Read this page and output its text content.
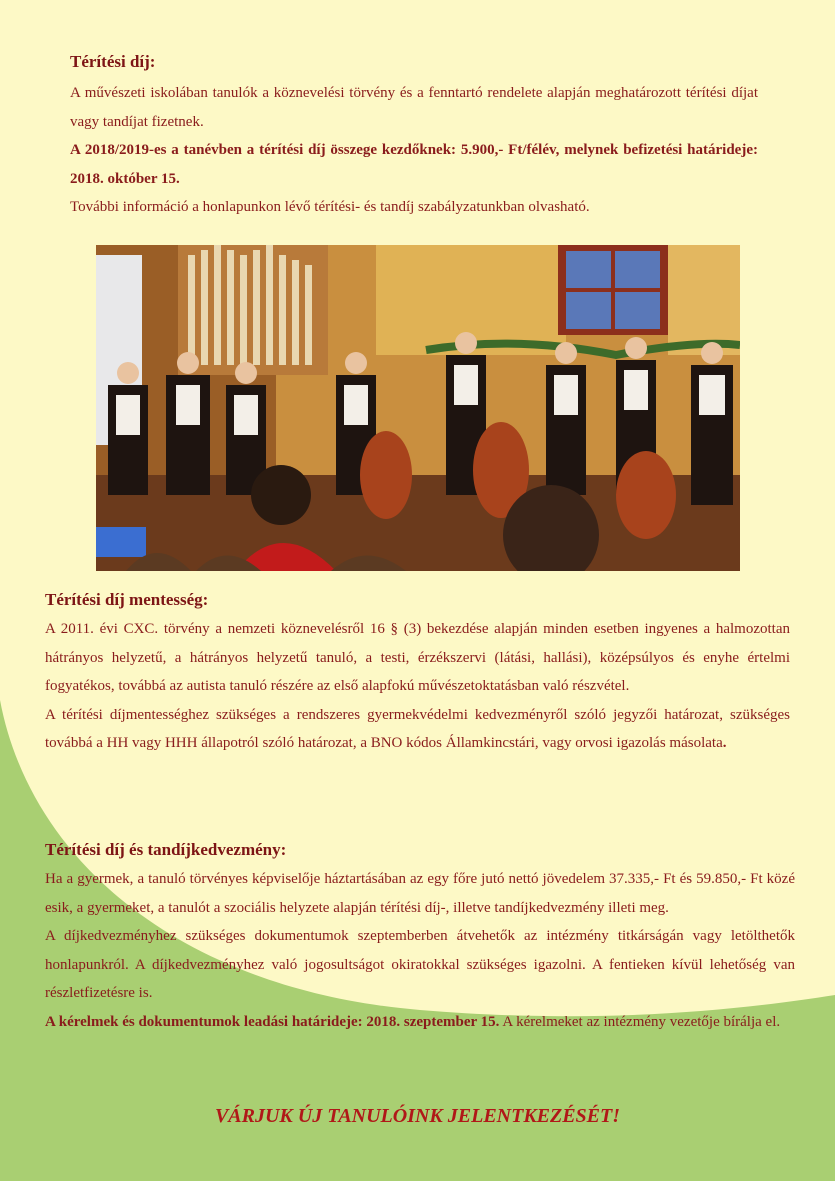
Térítési díj:

A művészeti iskolában tanulók a köznevelési törvény és a fenntartó rendelete alapján meghatározott térítési díjat vagy tandíjat fizetnek.

A 2018/2019-es a tanévben a térítési díj összege kezdőknek: 5.900,- Ft/félév, melynek befizetési határideje: 2018. október 15.

További információ a honlapunkon lévő térítési- és tandíj szabályzatunkban olvasható.

Térítési díj mentesség:

A 2011. évi CXC. törvény a nemzeti köznevelésről 16 § (3) bekezdése alapján minden esetben ingyenes a halmozottan hátrányos helyzetű, a hátrányos helyzetű tanuló, a testi, érzékszervi (látási, hallási), középsúlyos és enyhe értelmi fogyatékos, továbbá az autista tanuló részére az első alapfokú művészetoktatásban való részvétel.

A térítési díjmentességhez szükséges a rendszeres gyermekvédelmi kedvezményről szóló jegyzői határozat, szükséges továbbá a HH vagy HHH állapotról szóló határozat, a BNO kódos Államkincstári, vagy orvosi igazolás másolata.

Térítési díj és tandíjkedvezmény:

Ha a gyermek, a tanuló törvényes képviselője háztartásában az egy főre jutó nettó jövedelem 37.335,- Ft és 59.850,- Ft közé esik, a gyermeket, a tanulót a szociális helyzete alapján térítési díj-, illetve tandíjkedvezmény illeti meg.

A díjkedvezményhez szükséges dokumentumok szeptemberben átvehetők az intézmény titkárságán vagy letölthetők honlapunkról. A díjkedvezményhez való jogosultságot okiratokkal szükséges igazolni. A fentieken kívül lehetőség van részletfizetésre is.

A kérelmek és dokumentumok leadási határideje: 2018. szeptember 15. A kérelmeket az intézmény vezetője bírálja el.

VÁRJUK ÚJ TANULÓINK JELENTKEZÉSÉT!
